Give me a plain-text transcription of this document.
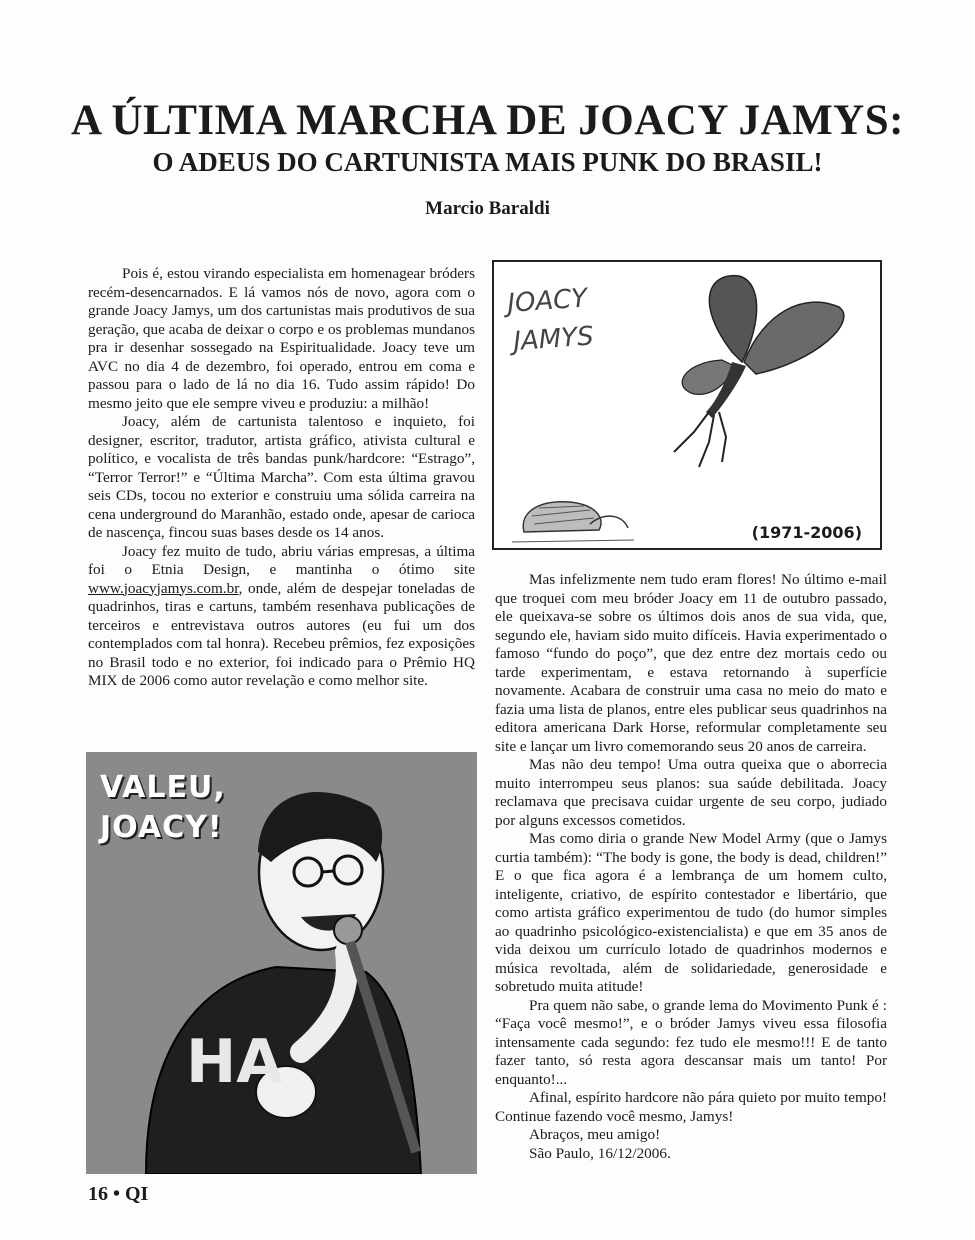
A ÚLTIMA MARCHA DE JOACY JAMYS:
O ADEUS DO CARTUNISTA MAIS PUNK DO BRASIL!
Marcio Baraldi

Pois é, estou virando especialista em homenagear bróders recém-desencarnados. E lá vamos nós de novo, agora com o grande Joacy Jamys, um dos cartunistas mais produtivos de sua geração, que acaba de deixar o corpo e os problemas mundanos pra ir desenhar sossegado na Espiritualidade. Joacy teve um AVC no dia 4 de dezembro, foi operado, entrou em coma e passou para o lado de lá no dia 16. Tudo assim rápido! Do mesmo jeito que ele sempre viveu e produziu: a milhão!

Joacy, além de cartunista talentoso e inquieto, foi designer, escritor, tradutor, artista gráfico, ativista cultural e político, e vocalista de três bandas punk/hardcore: “Estrago”, “Terror Terror!” e “Última Marcha”. Com esta última gravou seis CDs, tocou no exterior e construiu uma sólida carreira na cena underground do Maranhão, estado onde, apesar de carioca de nascença, fincou suas bases desde os 14 anos.

Joacy fez muito de tudo, abriu várias empresas, a última foi o Etnia Design, e mantinha o ótimo site www.joacyjamys.com.br, onde, além de despejar toneladas de quadrinhos, tiras e cartuns, também resenhava publicações de terceiros e entrevistava outros autores (eu fui um dos contemplados com tal honra). Recebeu prêmios, fez exposições no Brasil todo e no exterior, foi indicado para o Prêmio HQ MIX de 2006 como autor revelação e como melhor site.

JOACY
JAMYS
(1971-2006)

Mas infelizmente nem tudo eram flores! No último e-mail que troquei com meu bróder Joacy em 11 de outubro passado, ele queixava-se sobre os últimos dois anos de sua vida, que, segundo ele, haviam sido muito difíceis. Havia experimentado o famoso “fundo do poço”, que dez entre dez mortais cedo ou tarde experimentam, e estava retornando à superfície novamente. Acabara de construir uma casa no meio do mato e fazia uma lista de planos, entre eles publicar seus quadrinhos na editora americana Dark Horse, reformular completamente seu site e lançar um livro comemorando seus 20 anos de carreira.

Mas não deu tempo! Uma outra queixa que o aborrecia muito interrompeu seus planos: sua saúde debilitada. Joacy reclamava que precisava cuidar urgente de seu corpo, judiado por alguns excessos cometidos.

Mas como diria o grande New Model Army (que o Jamys curtia também): “The body is gone, the body is dead, children!” E o que fica agora é a lembrança de um homem culto, inteligente, criativo, de espírito contestador e libertário, que como artista gráfico experimentou de tudo (do humor simples ao quadrinho psicológico-existencialista) e que em 35 anos de vida deixou um currículo lotado de quadrinhos modernos e música revoltada, além de solidariedade, generosidade e sobretudo muita atitude!

Pra quem não sabe, o grande lema do Movimento Punk é : “Faça você mesmo!”, e o bróder Jamys viveu essa filosofia intensamente cada segundo: fez tudo ele mesmo!!! E de tanto fazer tanto, só resta agora descansar mais um tanto! Por enquanto!...

Afinal, espírito hardcore não pára quieto por muito tempo! Continue fazendo você mesmo, Jamys!

Abraços, meu amigo!

São Paulo, 16/12/2006.

HA
VALEU,
JOACY!
16 • QI
